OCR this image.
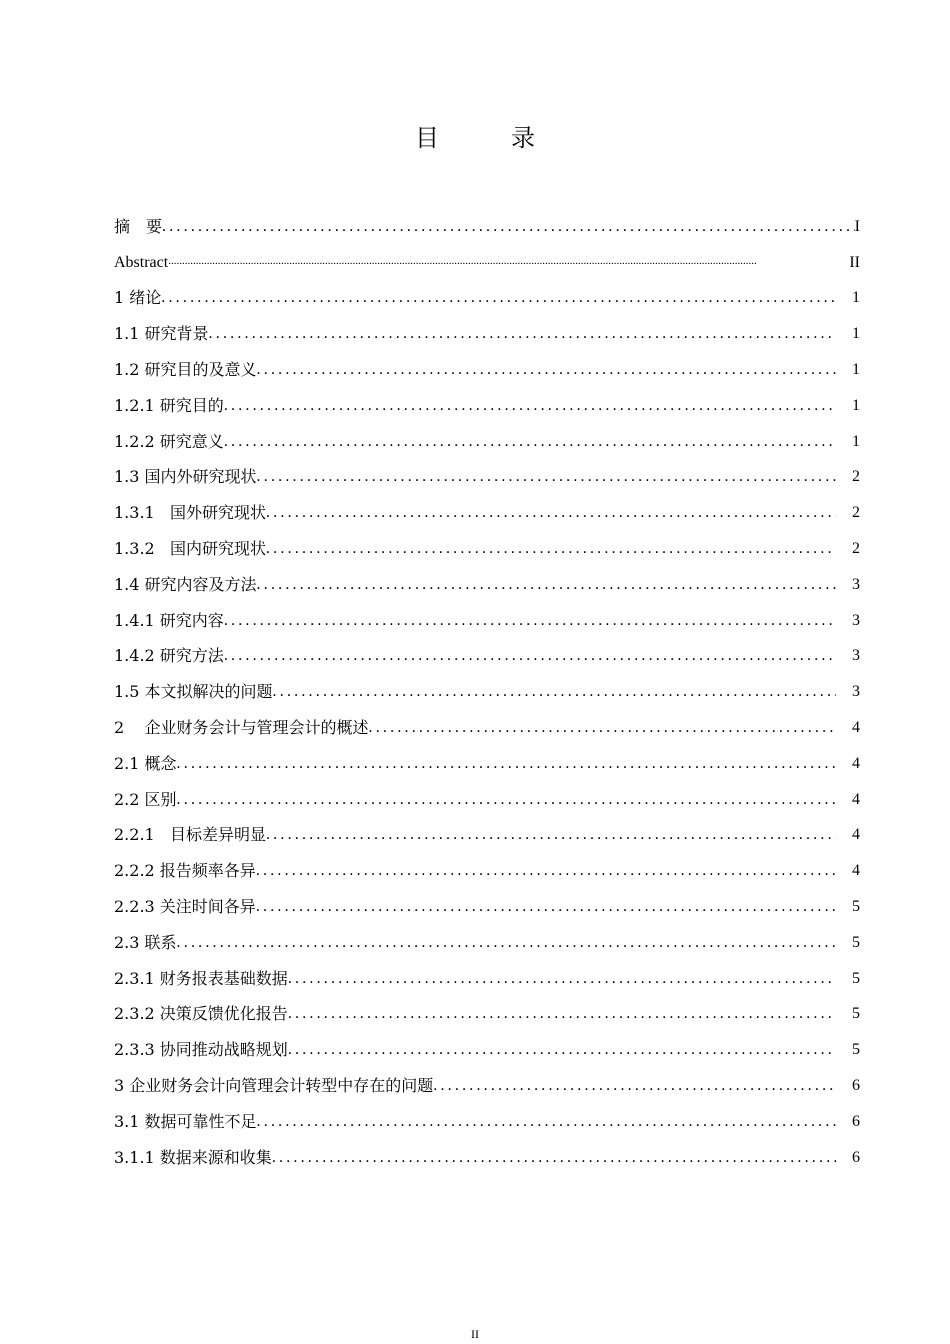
目　录
摘　要 .....	I
Abstract .....	II
1 绪论 .....	1
1.1 研究背景 .....	1
1.2 研究目的及意义 .....	1
1.2.1 研究目的 .....	1
1.2.2 研究意义 .....	1
1.3 国内外研究现状 .....	2
1.3.1   国外研究现状 .....	2
1.3.2   国内研究现状 .....	2
1.4 研究内容及方法 .....	3
1.4.1 研究内容 .....	3
1.4.2 研究方法 .....	3
1.5 本文拟解决的问题 .....	3
2    企业财务会计与管理会计的概述 .....	4
2.1 概念 .....	4
2.2 区别 .....	4
2.2.1   目标差异明显 .....	4
2.2.2 报告频率各异 .....	4
2.2.3 关注时间各异 .....	5
2.3 联系 .....	5
2.3.1 财务报表基础数据 .....	5
2.3.2 决策反馈优化报告 .....	5
2.3.3 协同推动战略规划 .....	5
3 企业财务会计向管理会计转型中存在的问题 .....	6
3.1 数据可靠性不足 .....	6
3.1.1 数据来源和收集 .....	6
II
